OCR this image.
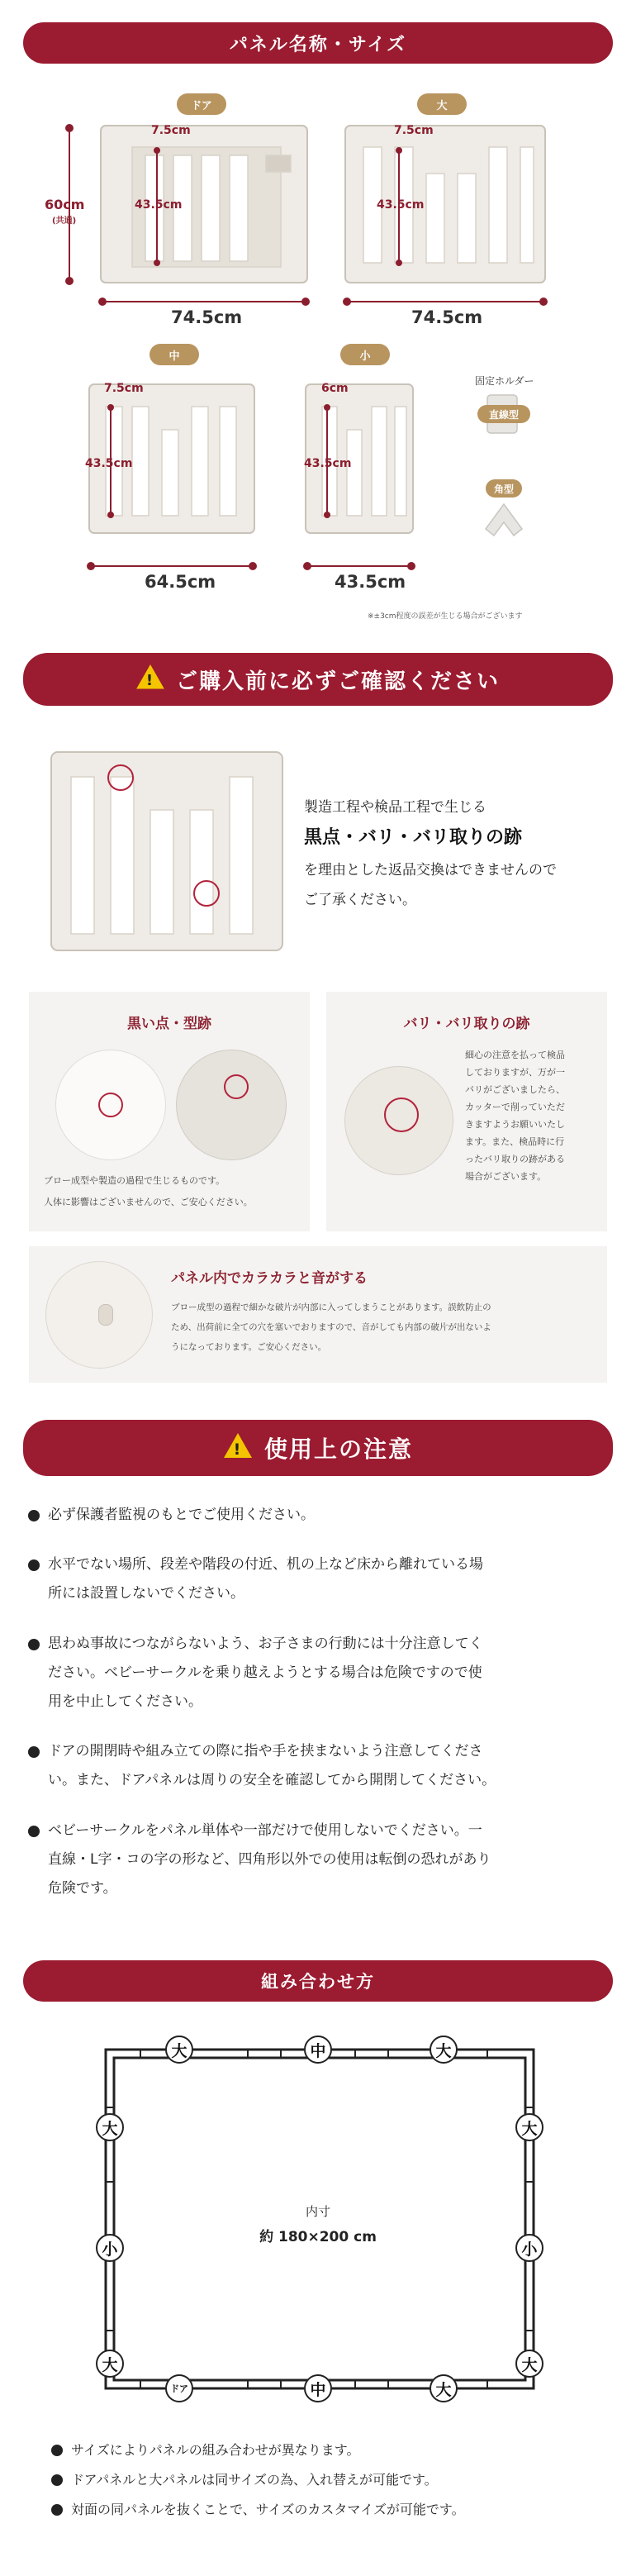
パネル名称・サイズ
ドア	大
中	小
60cm
(共通)
7.5cm
43.5cm
74.5cm
7.5cm
43.5cm
74.5cm
7.5cm
43.5cm
64.5cm
6cm
43.5cm
43.5cm
固定ホルダー
直線型
角型
※±3cm程度の誤差が生じる場合がございます
! ご購入前に必ずご確認ください
製造工程や検品工程で生じる
黒点・バリ・バリ取りの跡
を理由とした返品交換はできませんので
ご了承ください。
黒い点・型跡
ブロー成型や製造の過程で生じるものです。
人体に影響はございませんので、ご安心ください。
バリ・バリ取りの跡
細心の注意を払って検品
しておりますが、万が一
バリがございましたら、
カッターで削っていただ
きますようお願いいたし
ます。また、検品時に行
ったバリ取りの跡がある
場合がございます。
パネル内でカラカラと音がする
ブロー成型の過程で細かな破片が内部に入ってしまうことがあります。誤飲防止の
ため、出荷前に全ての穴を塞いでおりますので、音がしても内部の破片が出ないよ
うになっております。ご安心ください。
! 使用上の注意
必ず保護者監視のもとでご使用ください。
水平でない場所、段差や階段の付近、机の上など床から離れている場
所には設置しないでください。
思わぬ事故につながらないよう、お子さまの行動には十分注意してく
ださい。ベビーサークルを乗り越えようとする場合は危険ですので使
用を中止してください。
ドアの開閉時や組み立ての際に指や手を挟まないよう注意してくださ
い。また、ドアパネルは周りの安全を確認してから開閉してください。
ベビーサークルをパネル単体や一部だけで使用しないでください。一
直線・L字・コの字の形など、四角形以外での使用は転倒の恐れがあり
危険です。
組み合わせ方
大	中	大
ドア	中	大
大
小
大
大
小
大
内寸
約 180×200 cm
サイズによりパネルの組み合わせが異なります。
ドアパネルと大パネルは同サイズの為、入れ替えが可能です。
対面の同パネルを抜くことで、サイズのカスタマイズが可能です。
